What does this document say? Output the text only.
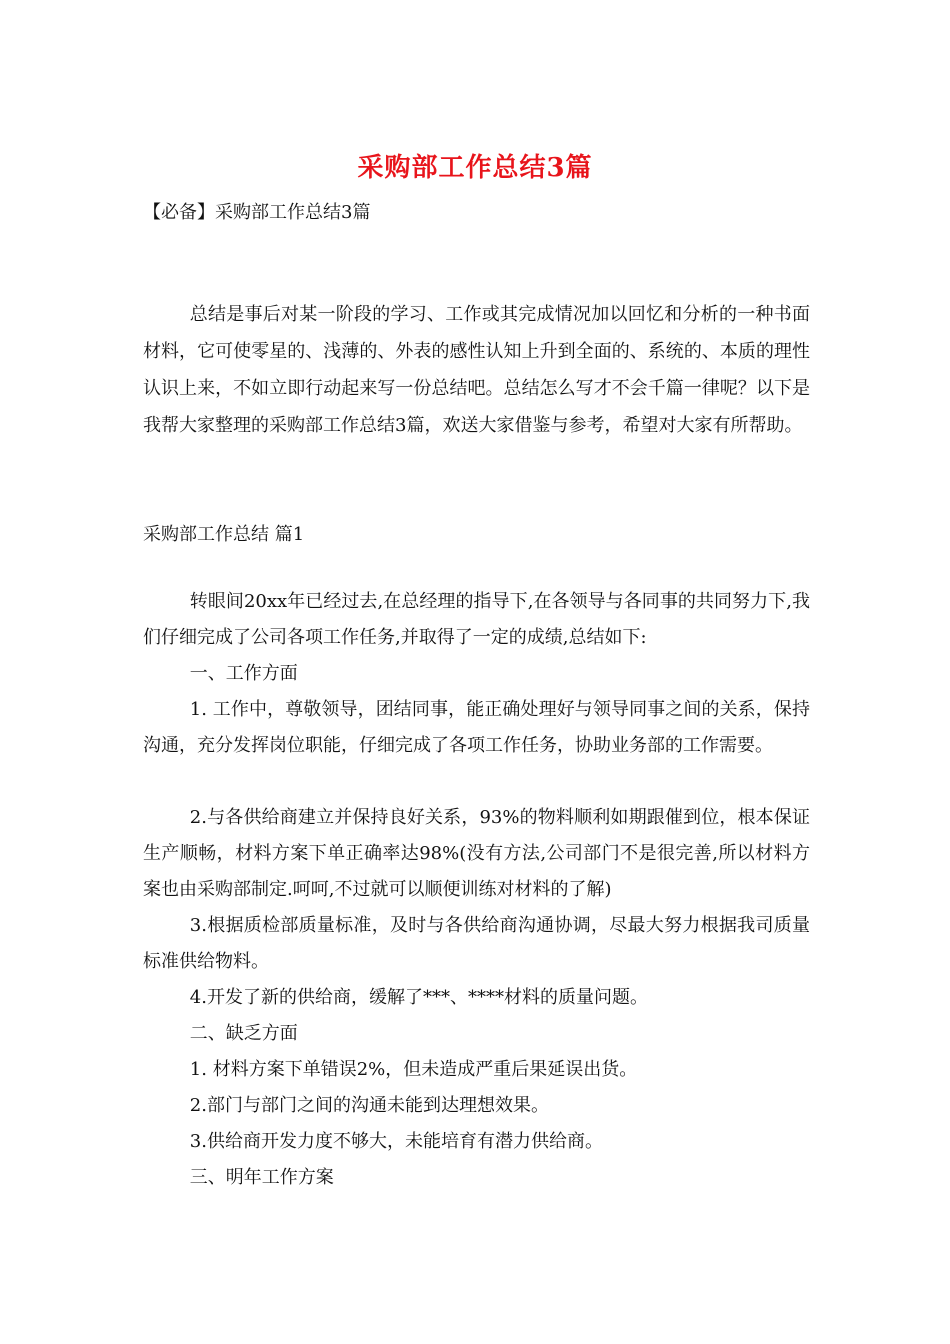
采购部工作总结3篇
【必备】采购部工作总结3篇

总结是事后对某一阶段的学习、工作或其完成情况加以回忆和分析的一种书面材料，它可使零星的、浅薄的、外表的感性认知上升到全面的、系统的、本质的理性认识上来，不如立即行动起来写一份总结吧。总结怎么写才不会千篇一律呢？以下是我帮大家整理的采购部工作总结3篇，欢送大家借鉴与参考，希望对大家有所帮助。

采购部工作总结 篇1

转眼间20xx年已经过去,在总经理的指导下,在各领导与各同事的共同努力下,我们仔细完成了公司各项工作任务,并取得了一定的成绩,总结如下:

一、工作方面

1. 工作中，尊敬领导，团结同事，能正确处理好与领导同事之间的关系，保持沟通，充分发挥岗位职能，仔细完成了各项工作任务，协助业务部的工作需要。

2.与各供给商建立并保持良好关系，93%的物料顺利如期跟催到位，根本保证生产顺畅，材料方案下单正确率达98%(没有方法,公司部门不是很完善,所以材料方案也由采购部制定.呵呵,不过就可以顺便训练对材料的了解)

3.根据质检部质量标准，及时与各供给商沟通协调，尽最大努力根据我司质量标准供给物料。

4.开发了新的供给商，缓解了***、****材料的质量问题。

二、缺乏方面

1. 材料方案下单错误2%，但未造成严重后果延误出货。

2.部门与部门之间的沟通未能到达理想效果。

3.供给商开发力度不够大，未能培育有潜力供给商。

三、明年工作方案
